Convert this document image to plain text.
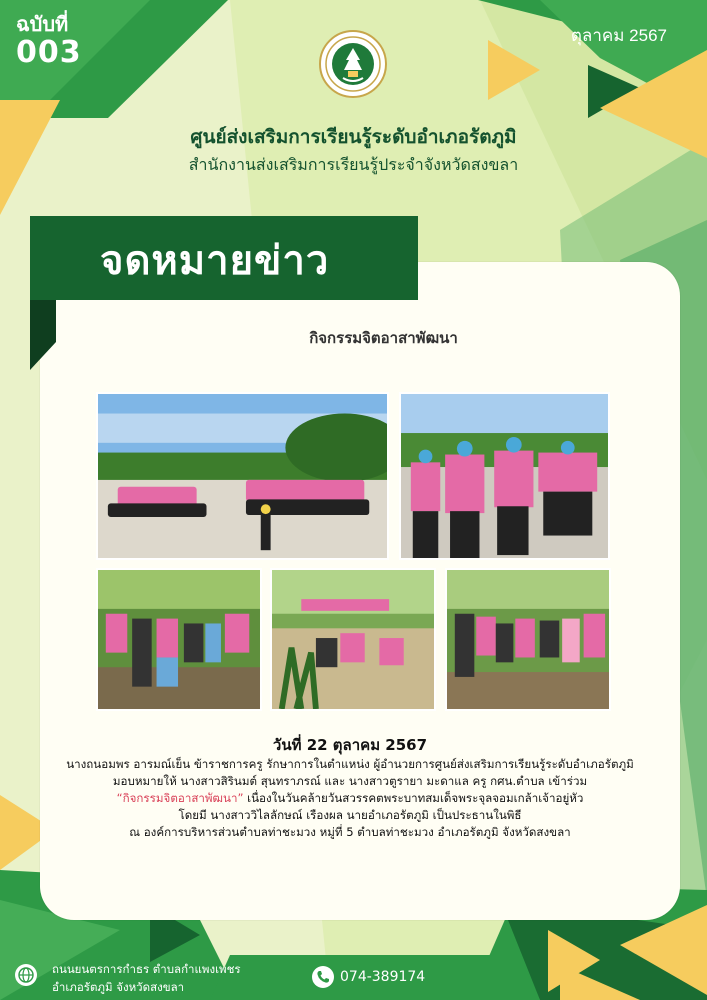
จดหมายข่าว
ฉบับที่
003	ตุลาคม 2567
ศูนย์ส่งเสริมการเรียนรู้ระดับอำเภอรัตภูมิ
สำนักงานส่งเสริมการเรียนรู้ประจำจังหวัดสงขลา
กิจกรรมจิตอาสาพัฒนา
วันที่ 22 ตุลาคม 2567
นางถนอมพร อารมณ์เย็น ข้าราชการครู รักษาการในตำแหน่ง ผู้อำนวยการศูนย์ส่งเสริมการเรียนรู้ระดับอำเภอรัตภูมิ
มอบหมายให้ นางสาวสิรินมต์ สุนทราภรณ์ และ นางสาวตูรายา มะดาแล ครู กศน.ตำบล เข้าร่วม
“กิจกรรมจิตอาสาพัฒนา” เนื่องในวันคล้ายวันสวรรคตพระบาทสมเด็จพระจุลจอมเกล้าเจ้าอยู่หัว
โดยมี นางสาววิไลลักษณ์ เรืองผล นายอำเภอรัตภูมิ เป็นประธานในพิธี
ณ องค์การบริหารส่วนตำบลท่าชะมวง หมู่ที่ 5 ตำบลท่าชะมวง อำเภอรัตภูมิ จังหวัดสงขลา
ถนนยนตรการกำธร ตำบลกำแพงเพชร
อำเภอรัตภูมิ จังหวัดสงขลา
074-389174
